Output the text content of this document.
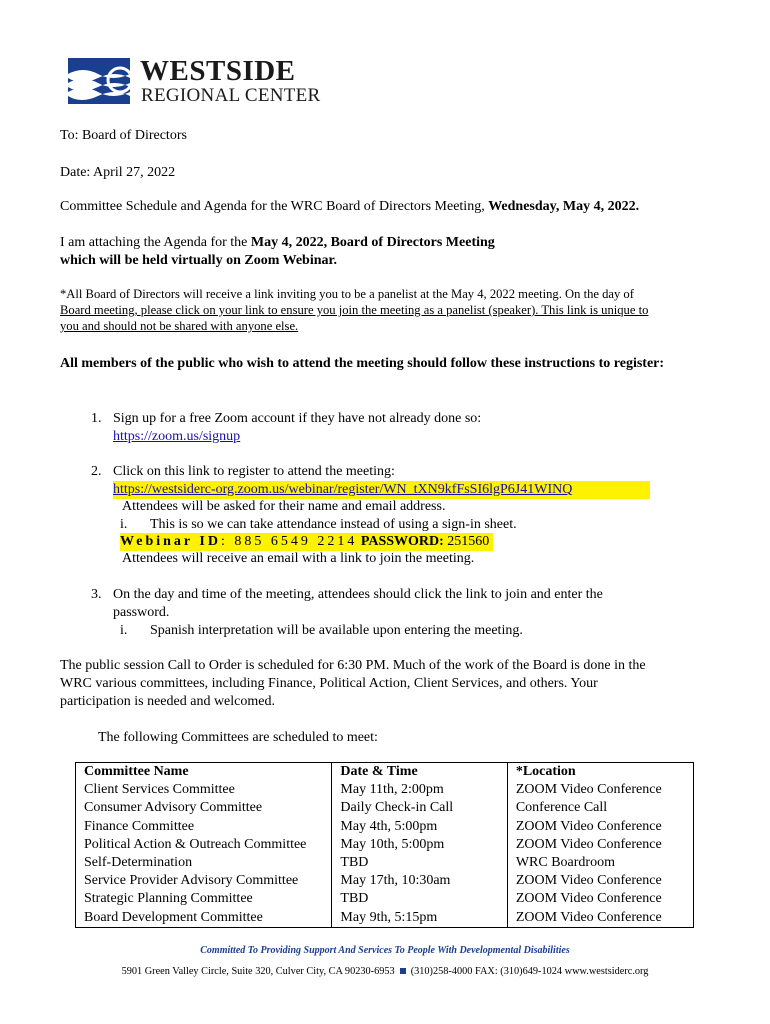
WESTSIDE
REGIONAL CENTER
To: Board of Directors
Date: April 27, 2022
Committee Schedule and Agenda for the WRC Board of Directors Meeting, Wednesday, May 4, 2022.
I am attaching the Agenda for the May 4, 2022, Board of Directors Meeting
which will be held virtually on Zoom Webinar.
*All Board of Directors will receive a link inviting you to be a panelist at the May 4, 2022 meeting. On the day of
Board meeting, please click on your link to ensure you join the meeting as a panelist (speaker). This link is unique to
you and should not be shared with anyone else.
All members of the public who wish to attend the meeting should follow these instructions to register:
1. Sign up for a free Zoom account if they have not already done so:
https://zoom.us/signup
2. Click on this link to register to attend the meeting:
https://westsiderc-org.zoom.us/webinar/register/WN_tXN9kfFsSI6lgP6J41WINQ
Attendees will be asked for their name and email address.
i. This is so we can take attendance instead of using a sign-in sheet.
Webinar ID: 885 6549 2214 PASSWORD: 251560
Attendees will receive an email with a link to join the meeting.
3. On the day and time of the meeting, attendees should click the link to join and enter the
password.
i. Spanish interpretation will be available upon entering the meeting.
The public session Call to Order is scheduled for 6:30 PM. Much of the work of the Board is done in the
WRC various committees, including Finance, Political Action, Client Services, and others. Your
participation is needed and welcomed.
The following Committees are scheduled to meet:
Committee Name	Date & Time	*Location
Client Services Committee	May 11th, 2:00pm	ZOOM Video Conference
Consumer Advisory Committee	Daily Check-in Call	Conference Call
Finance Committee	May 4th, 5:00pm	ZOOM Video Conference
Political Action & Outreach Committee	May 10th, 5:00pm	ZOOM Video Conference
Self-Determination	TBD	WRC Boardroom
Service Provider Advisory Committee	May 17th, 10:30am	ZOOM Video Conference
Strategic Planning Committee	TBD	ZOOM Video Conference
Board Development Committee	May 9th, 5:15pm	ZOOM Video Conference
Committed To Providing Support And Services To People With Developmental Disabilities
5901 Green Valley Circle, Suite 320, Culver City, CA 90230-6953 (310)258-4000 FAX: (310)649-1024 www.westsiderc.org
